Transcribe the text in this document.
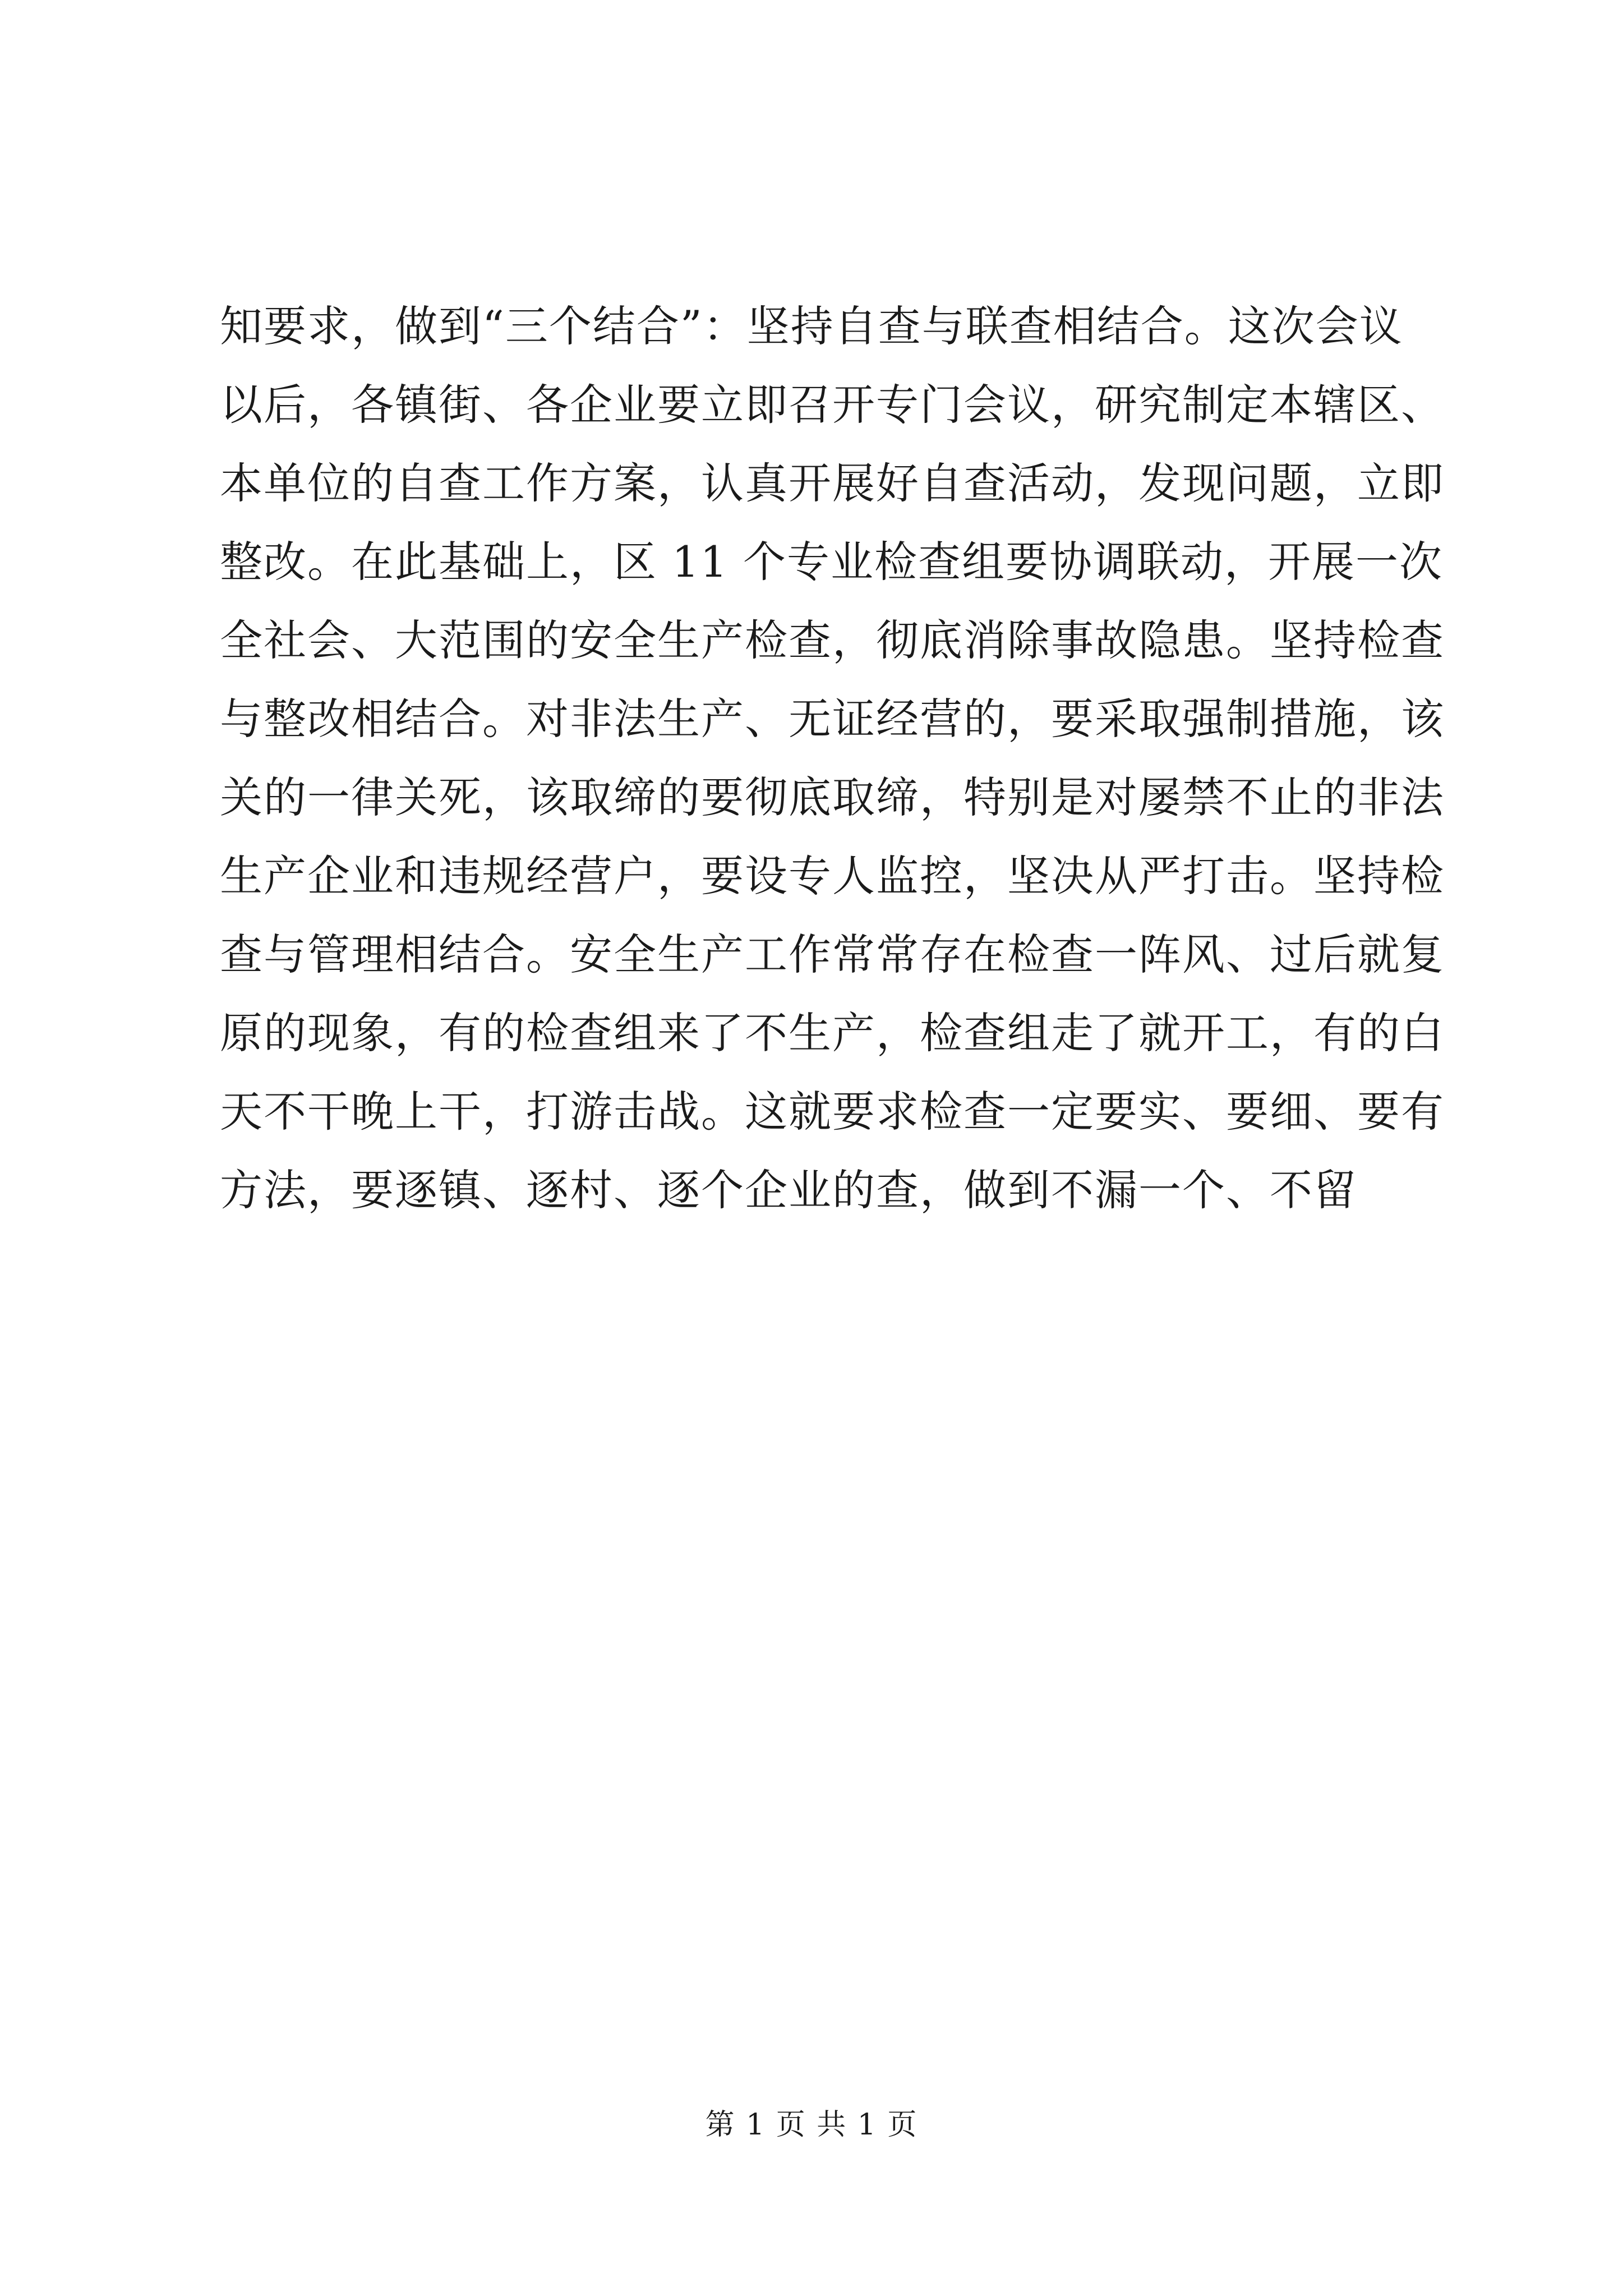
知要求，做到“三个结合”：坚持自查与联查相结合。这次会议
以后，各镇街、各企业要立即召开专门会议，研究制定本辖区、
本单位的自查工作方案，认真开展好自查活动，发现问题，立即
整改。在此基础上，区 11 个专业检查组要协调联动，开展一次
全社会、大范围的安全生产检查，彻底消除事故隐患。坚持检查
与整改相结合。对非法生产、无证经营的，要采取强制措施，该
关的一律关死，该取缔的要彻底取缔，特别是对屡禁不止的非法
生产企业和违规经营户，要设专人监控，坚决从严打击。坚持检
查与管理相结合。安全生产工作常常存在检查一阵风、过后就复
原的现象，有的检查组来了不生产，检查组走了就开工，有的白
天不干晚上干，打游击战。这就要求检查一定要实、要细、要有
方法，要逐镇、逐村、逐个企业的查，做到不漏一个、不留
第 1 页 共 1 页
